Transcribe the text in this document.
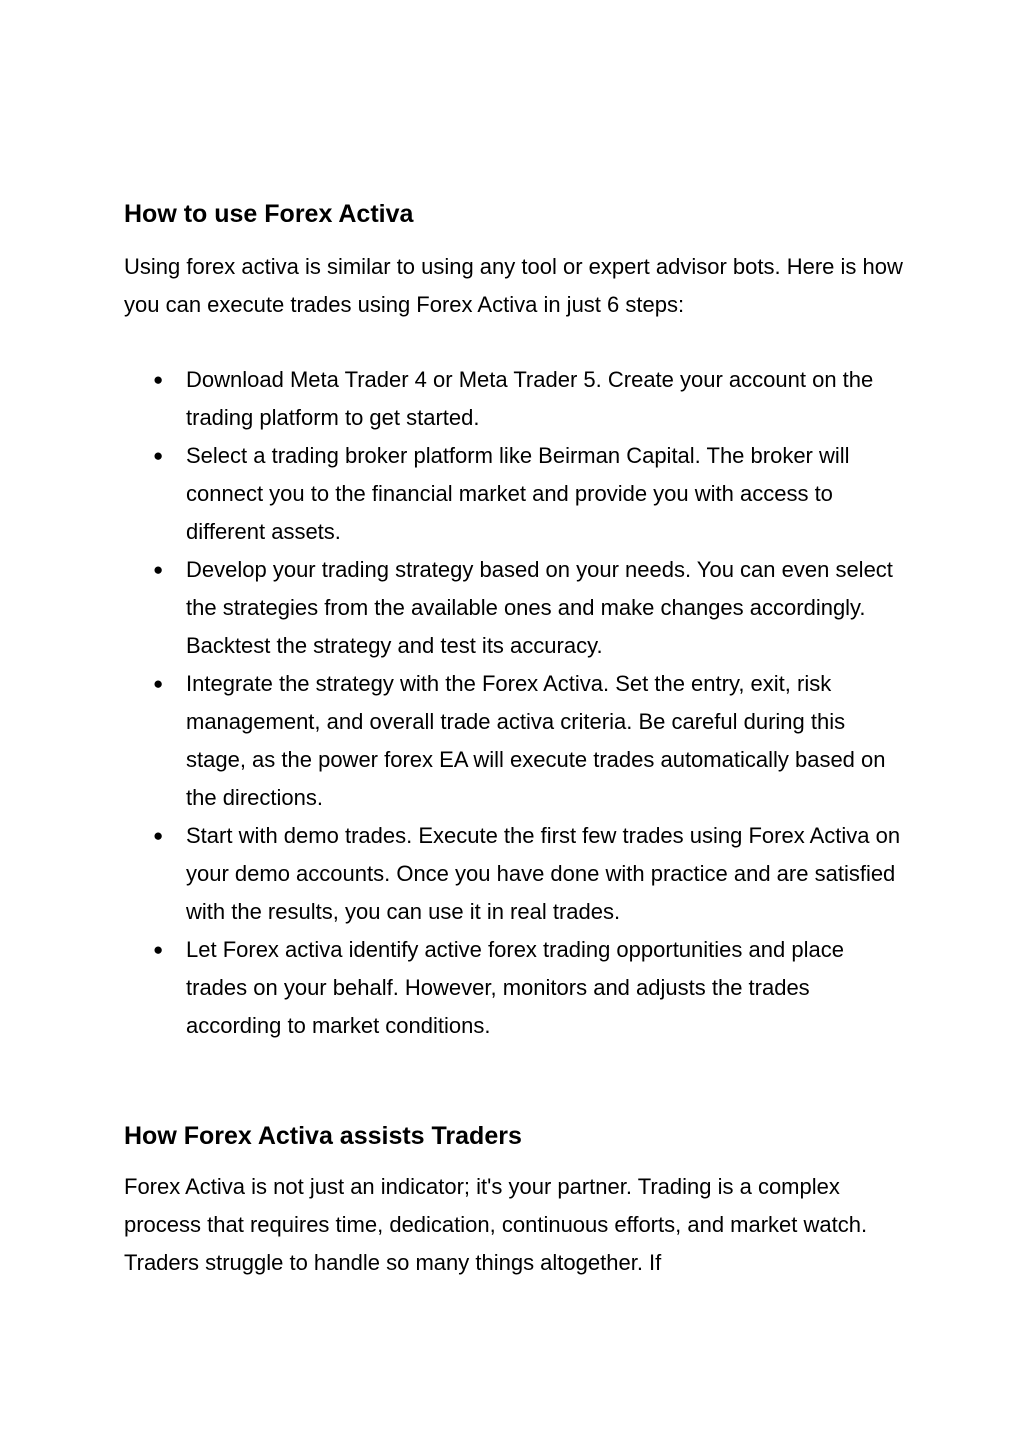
How to use Forex Activa

Using forex activa is similar to using any tool or expert advisor bots. Here is how you can execute trades using Forex Activa in just 6 steps:

● Download Meta Trader 4 or Meta Trader 5. Create your account on the trading platform to get started.
● Select a trading broker platform like Beirman Capital. The broker will connect you to the financial market and provide you with access to different assets.
● Develop your trading strategy based on your needs. You can even select the strategies from the available ones and make changes accordingly. Backtest the strategy and test its accuracy.
● Integrate the strategy with the Forex Activa. Set the entry, exit, risk management, and overall trade activa criteria. Be careful during this stage, as the power forex EA will execute trades automatically based on the directions.
● Start with demo trades. Execute the first few trades using Forex Activa on your demo accounts. Once you have done with practice and are satisfied with the results, you can use it in real trades.
● Let Forex activa identify active forex trading opportunities and place trades on your behalf. However, monitors and adjusts the trades according to market conditions.
How Forex Activa assists Traders

Forex Activa is not just an indicator; it's your partner. Trading is a complex process that requires time, dedication, continuous efforts, and market watch. Traders struggle to handle so many things altogether. If
